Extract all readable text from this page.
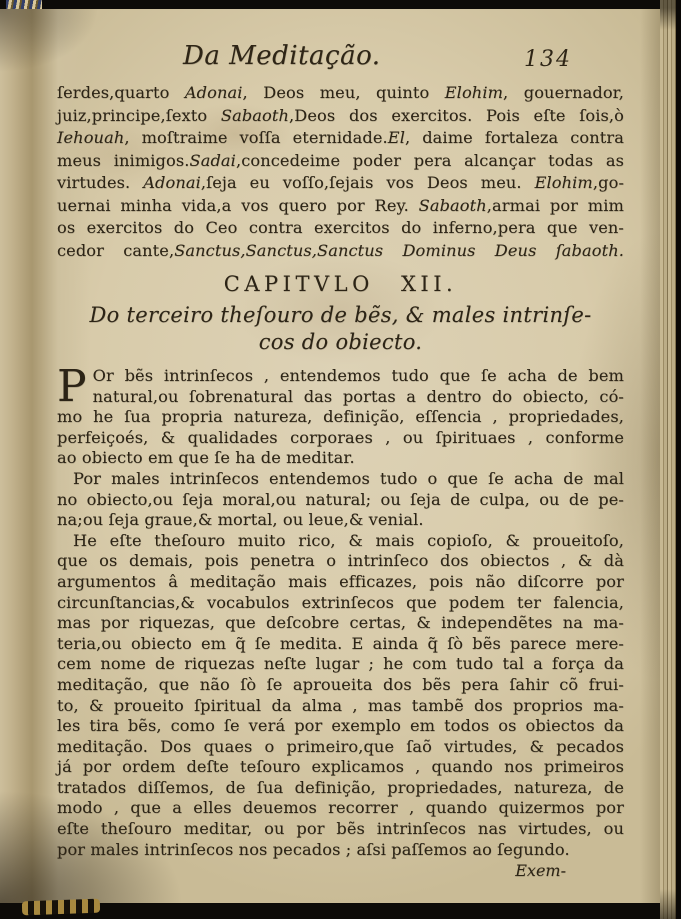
Da Meditação.	134
ſerdes,quarto Adonai, Deos meu, quinto Elohim, gouernador,
juiz,principe,ſexto Sabaoth,Deos dos exercitos. Pois eſte ſois,ò
Iehouah, moſtraime voſſa eternidade.El, daime fortaleza contra
meus inimigos.Sadai,concedeime poder pera alcançar todas as
virtudes. Adonai,ſeja eu voſſo,ſejais vos Deos meu. Elohim,go-
uernai minha vida,a vos quero por Rey. Sabaoth,armai por mim
os exercitos do Ceo contra exercitos do inferno,pera que ven-
cedor cante,Sanctus,Sanctus,Sanctus Dominus Deus ſabaoth.
CAPITVLO XII.
Do terceiro theſouro de bẽs, & males intrinſe-
cos do obiecto.
P Or bẽs intrinſecos , entendemos tudo que ſe acha de bem
natural,ou ſobrenatural das portas a dentro do obiecto, có-
mo he ſua propria natureza, definição, eſſencia , propriedades,
perfeiçoés, & qualidades corporaes , ou ſpirituaes , conforme
ao obiecto em que ſe ha de meditar.
Por males intrinſecos entendemos tudo o que ſe acha de mal
no obiecto,ou ſeja moral,ou natural; ou ſeja de culpa, ou de pe-
na;ou ſeja graue,& mortal, ou leue,& venial.
He eſte theſouro muito rico, & mais copioſo, & proueitoſo,
que os demais, pois penetra o intrinſeco dos obiectos , & dà
argumentos â meditação mais efficazes, pois não diſcorre por
circunſtancias,& vocabulos extrinſecos que podem ter falencia,
mas por riquezas, que deſcobre certas, & independẽtes na ma-
teria,ou obiecto em q̃ ſe medita. E ainda q̃ ſò bẽs parece mere-
cem nome de riquezas neſte lugar ; he com tudo tal a força da
meditação, que não ſò ſe aproueita dos bẽs pera ſahir cõ frui-
to, & proueito ſpiritual da alma , mas tambẽ dos proprios ma-
les tira bẽs, como ſe verá por exemplo em todos os obiectos da
meditação. Dos quaes o primeiro,que ſaõ virtudes, & pecados
já por ordem deſte teſouro explicamos , quando nos primeiros
tratados diſſemos, de ſua definição, propriedades, natureza, de
modo , que a elles deuemos recorrer , quando quizermos por
eſte theſouro meditar, ou por bẽs intrinſecos nas virtudes, ou
por males intrinſecos nos pecados ; aſsi paſſemos ao ſegundo.
Exem-
